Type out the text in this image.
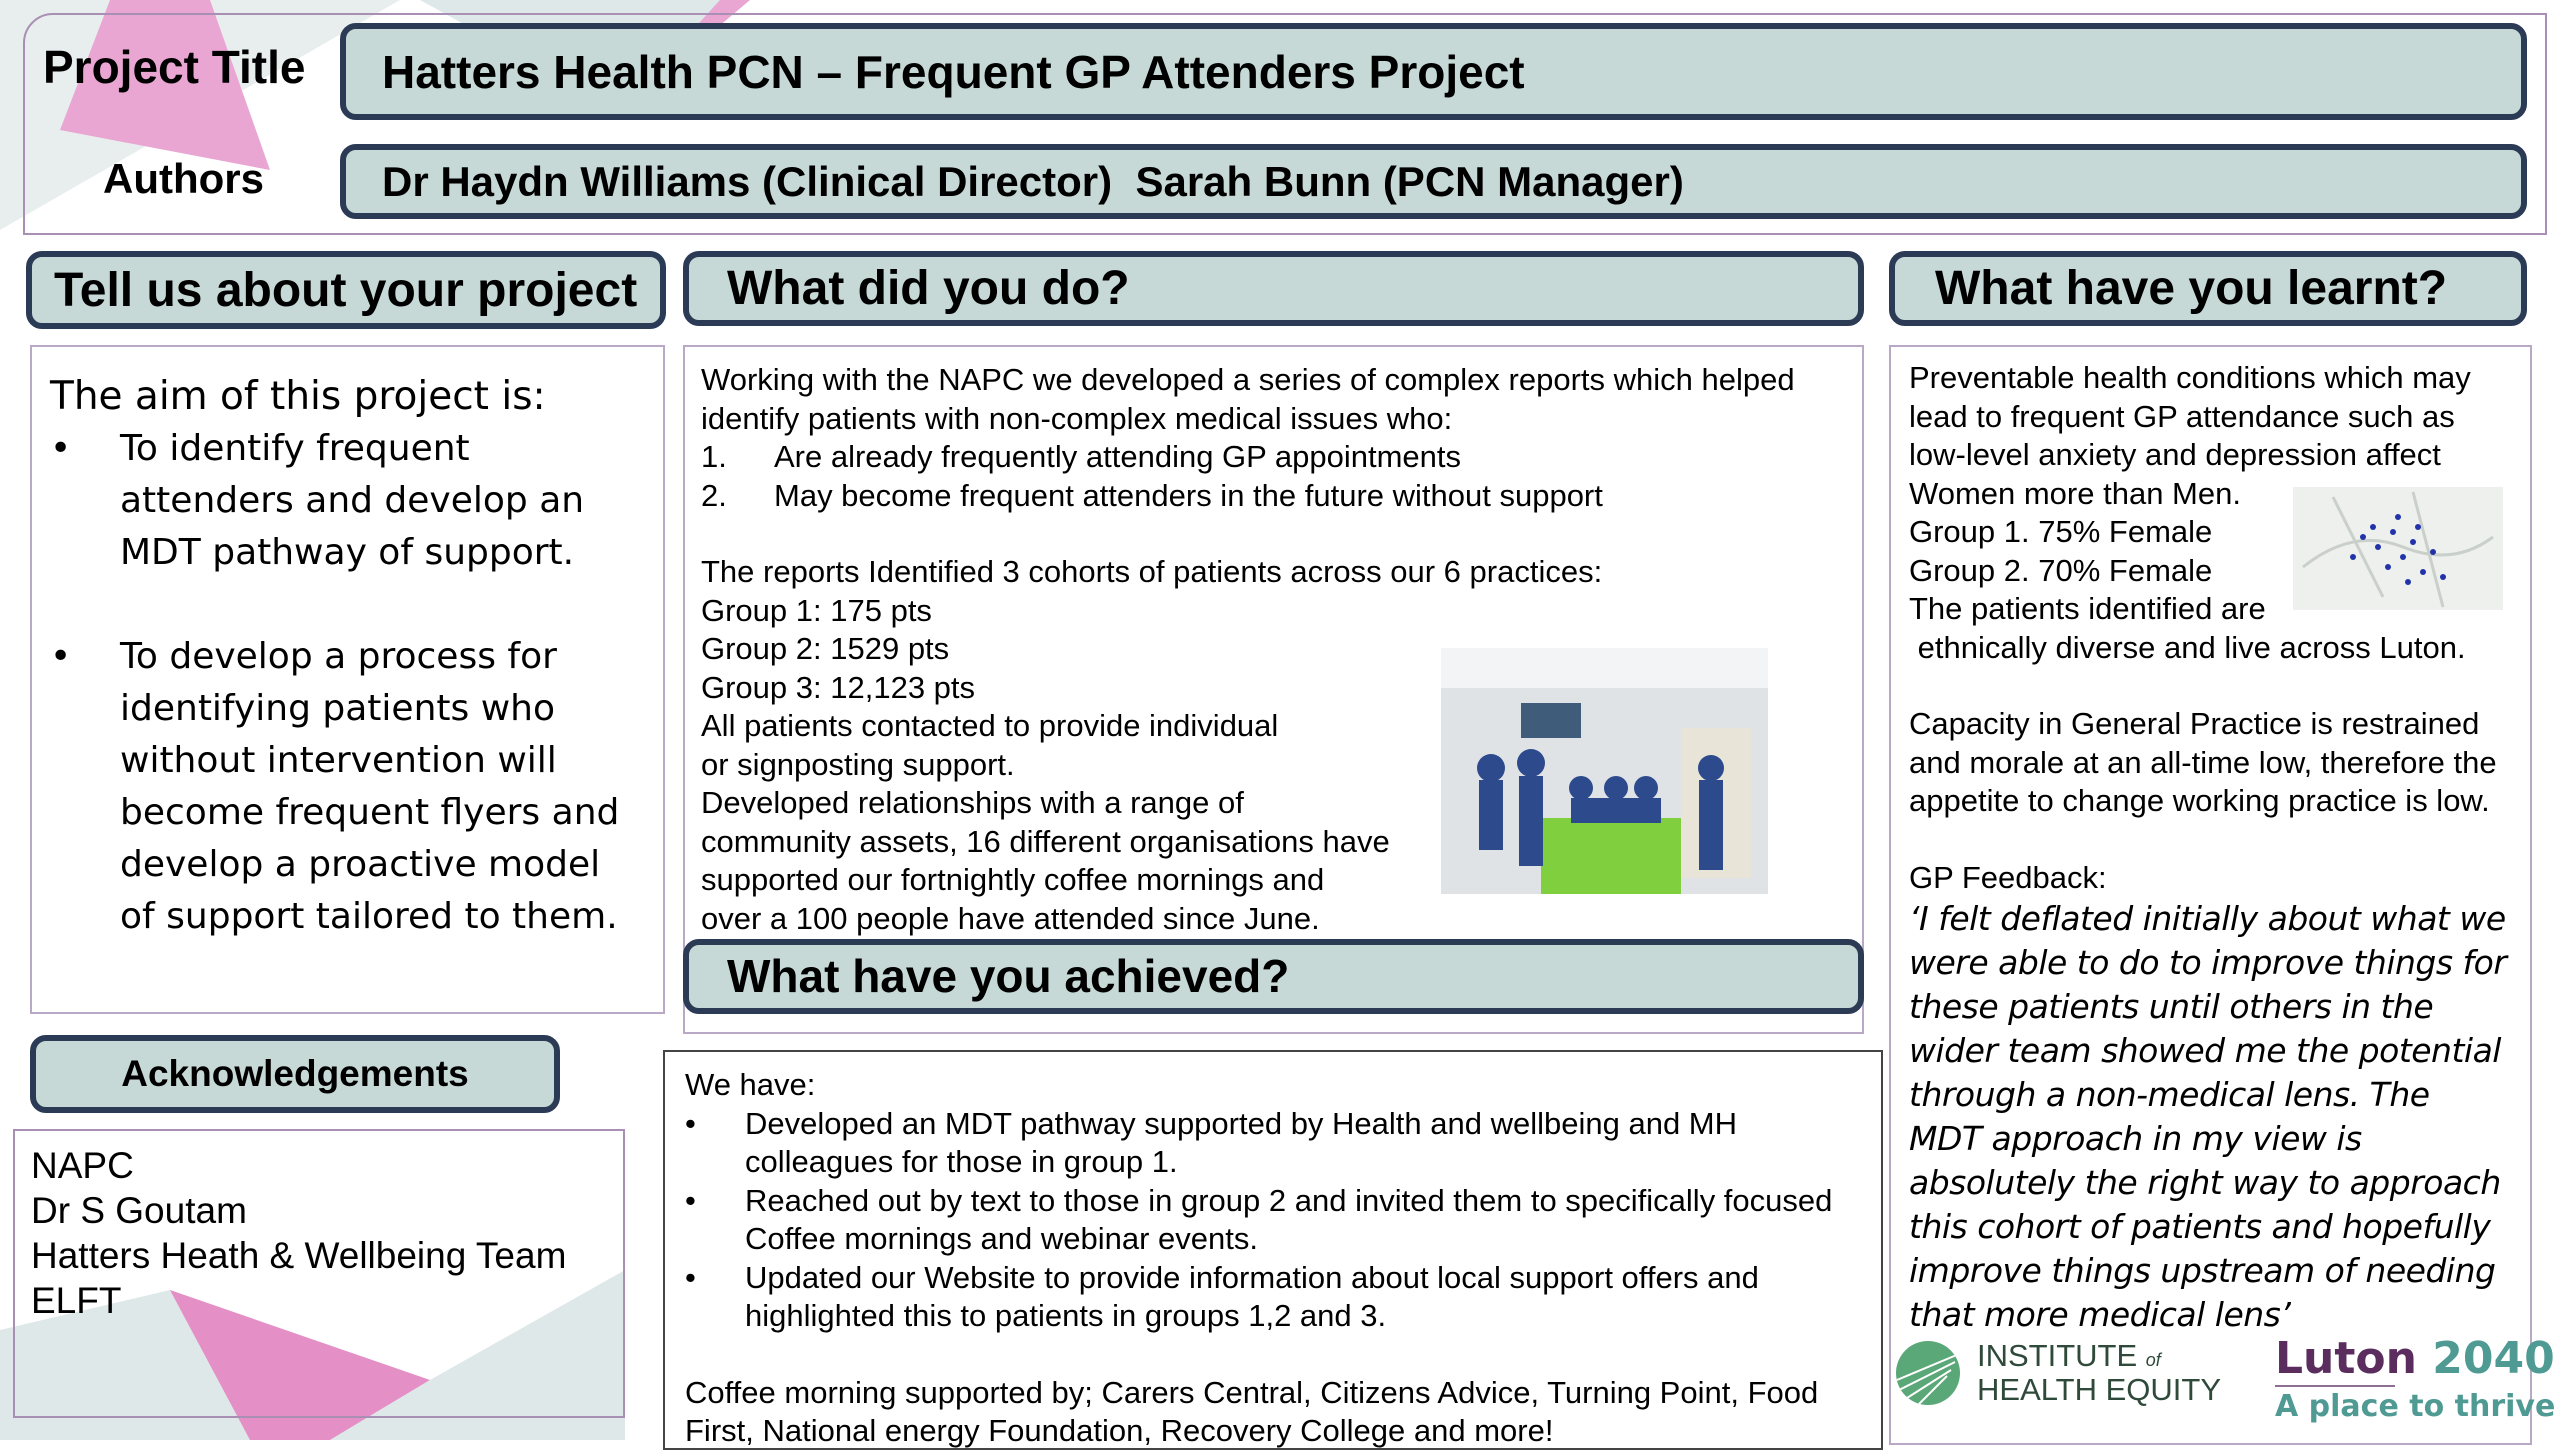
Project Title Hatters Health PCN – Frequent GP Attenders Project
Authors	Dr Haydn Williams (Clinical Director)  Sarah Bunn (PCN Manager)
Tell us about your project What did you do?	What have you learnt?
The aim of this project is:
•	To identify frequent attenders and develop an MDT pathway of support.
•	To develop a process for identifying patients who without intervention will become frequent flyers and develop a proactive model of support tailored to them.
Working with the NAPC we developed a series of complex reports which helped identify patients with non-complex medical issues who:
1.	Are already frequently attending GP appointments
2.	May become frequent attenders in the future without support
The reports Identified 3 cohorts of patients across our 6 practices:
Group 1: 175 pts
Group 2: 1529 pts
Group 3: 12,123 pts
All patients contacted to provide individual
or signposting support.
Developed relationships with a range of
community assets, 16 different organisations have
supported our fortnightly coffee mornings and
over a 100 people have attended since June.
What have you achieved?
We have:
•	Developed an MDT pathway supported by Health and wellbeing and MH colleagues for those in group 1.
•	Reached out by text to those in group 2 and invited them to specifically focused Coffee mornings and webinar events.
•	Updated our Website to provide information about local support offers and highlighted this to patients in groups 1,2 and 3.
Coffee morning supported by; Carers Central, Citizens Advice, Turning Point, Food First, National energy Foundation, Recovery College and more!
Acknowledgements
NAPC
Dr S Goutam
Hatters Heath & Wellbeing Team
ELFT
Preventable health conditions which may lead to frequent GP attendance such as low-level anxiety and depression affect Women more than Men.
Group 1. 75% Female
Group 2. 70% Female
The patients identified are
ethnically diverse and live across Luton.
Capacity in General Practice is restrained and morale at an all-time low, therefore the appetite to change working practice is low.
GP Feedback:
‘I felt deflated initially about what we were able to do to improve things for these patients until others in the wider team showed me the potential through a non-medical lens. The MDT approach in my view is absolutely the right way to approach this cohort of patients and hopefully improve things upstream of needing that more medical lens’
INSTITUTE of
HEALTH EQUITY
Luton 2040
A place to thrive
